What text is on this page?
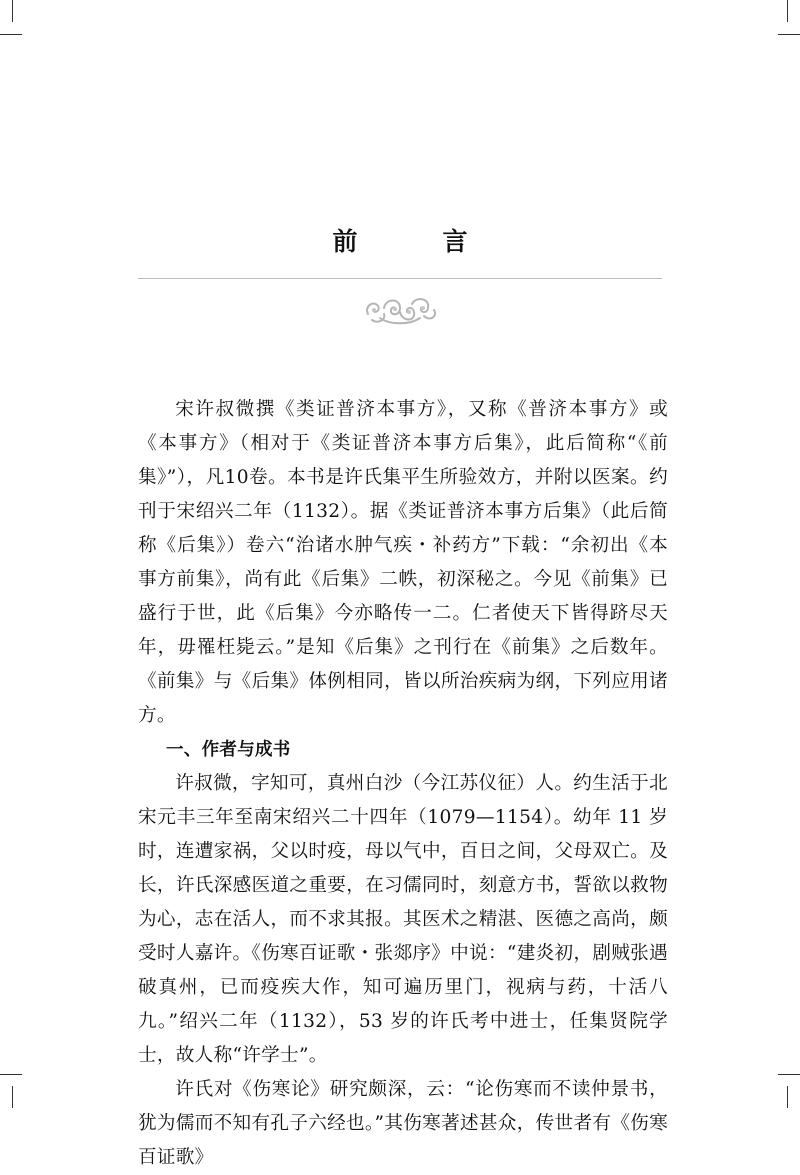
前　言

宋许叔微撰《类证普济本事方》，又称《普济本事方》或《本事方》（相对于《类证普济本事方后集》，此后简称“《前集》”），凡10卷。本书是许氏集平生所验效方，并附以医案。约刊于宋绍兴二年（1132）。据《类证普济本事方后集》（此后简称《后集》）卷六“治诸水肿气疾・补药方”下载：“余初出《本事方前集》，尚有此《后集》二帙，初深秘之。今见《前集》已盛行于世，此《后集》今亦略传一二。仁者使天下皆得跻尽天年，毋罹枉毙云。”是知《后集》之刊行在《前集》之后数年。《前集》与《后集》体例相同，皆以所治疾病为纲，下列应用诸方。

一、作者与成书

许叔微，字知可，真州白沙（今江苏仪征）人。约生活于北宋元丰三年至南宋绍兴二十四年（1079—1154）。幼年 11 岁时，连遭家祸，父以时疫，母以气中，百日之间，父母双亡。及长，许氏深感医道之重要，在习儒同时，刻意方书，誓欲以救物为心，志在活人，而不求其报。其医术之精湛、医德之高尚，颇受时人嘉许。《伤寒百证歌・张郯序》中说：“建炎初，剧贼张遇破真州，已而疫疾大作，知可遍历里门，视病与药，十活八九。”绍兴二年（1132），53 岁的许氏考中进士，任集贤院学士，故人称“许学士”。

许氏对《伤寒论》研究颇深，云：“论伤寒而不读仲景书，犹为儒而不知有孔子六经也。”其伤寒著述甚众，传世者有《伤寒百证歌》
